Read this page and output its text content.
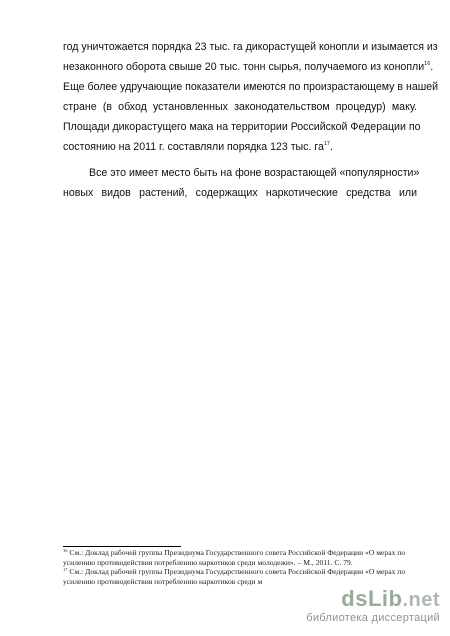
год уничтожается порядка 23 тыс. га дикорастущей конопли и изымается из
незаконного оборота свыше 20 тыс. тонн сырья, получаемого из конопли$^{16}$.
Еще более удручающие показатели имеются по произрастающему в нашей
стране (в обход установленных законодательством процедур) маку.
Площади дикорастущего мака на территории Российской Федерации по
состоянию на 2011 г. составляли порядка 123 тыс. $га^{17}$.
Все это имеет место быть на фоне возрастающей «популярности»
новых видов растений, содержащих наркотические средства или
$^{16}$ См.: Доклад рабочей группы Президиума Государственного совета Российской Федерации «О мерах по
усилению противодействия потреблению наркотиков среди молодежи». – М., 2011. С. 79.
$^{17}$ См.: Доклад рабочей группы Президиума Государственного совета Российской Федерации «О мерах по
усилению противодействия потреблению наркотиков среди м
dsLib.net
библиотека диссертаций
